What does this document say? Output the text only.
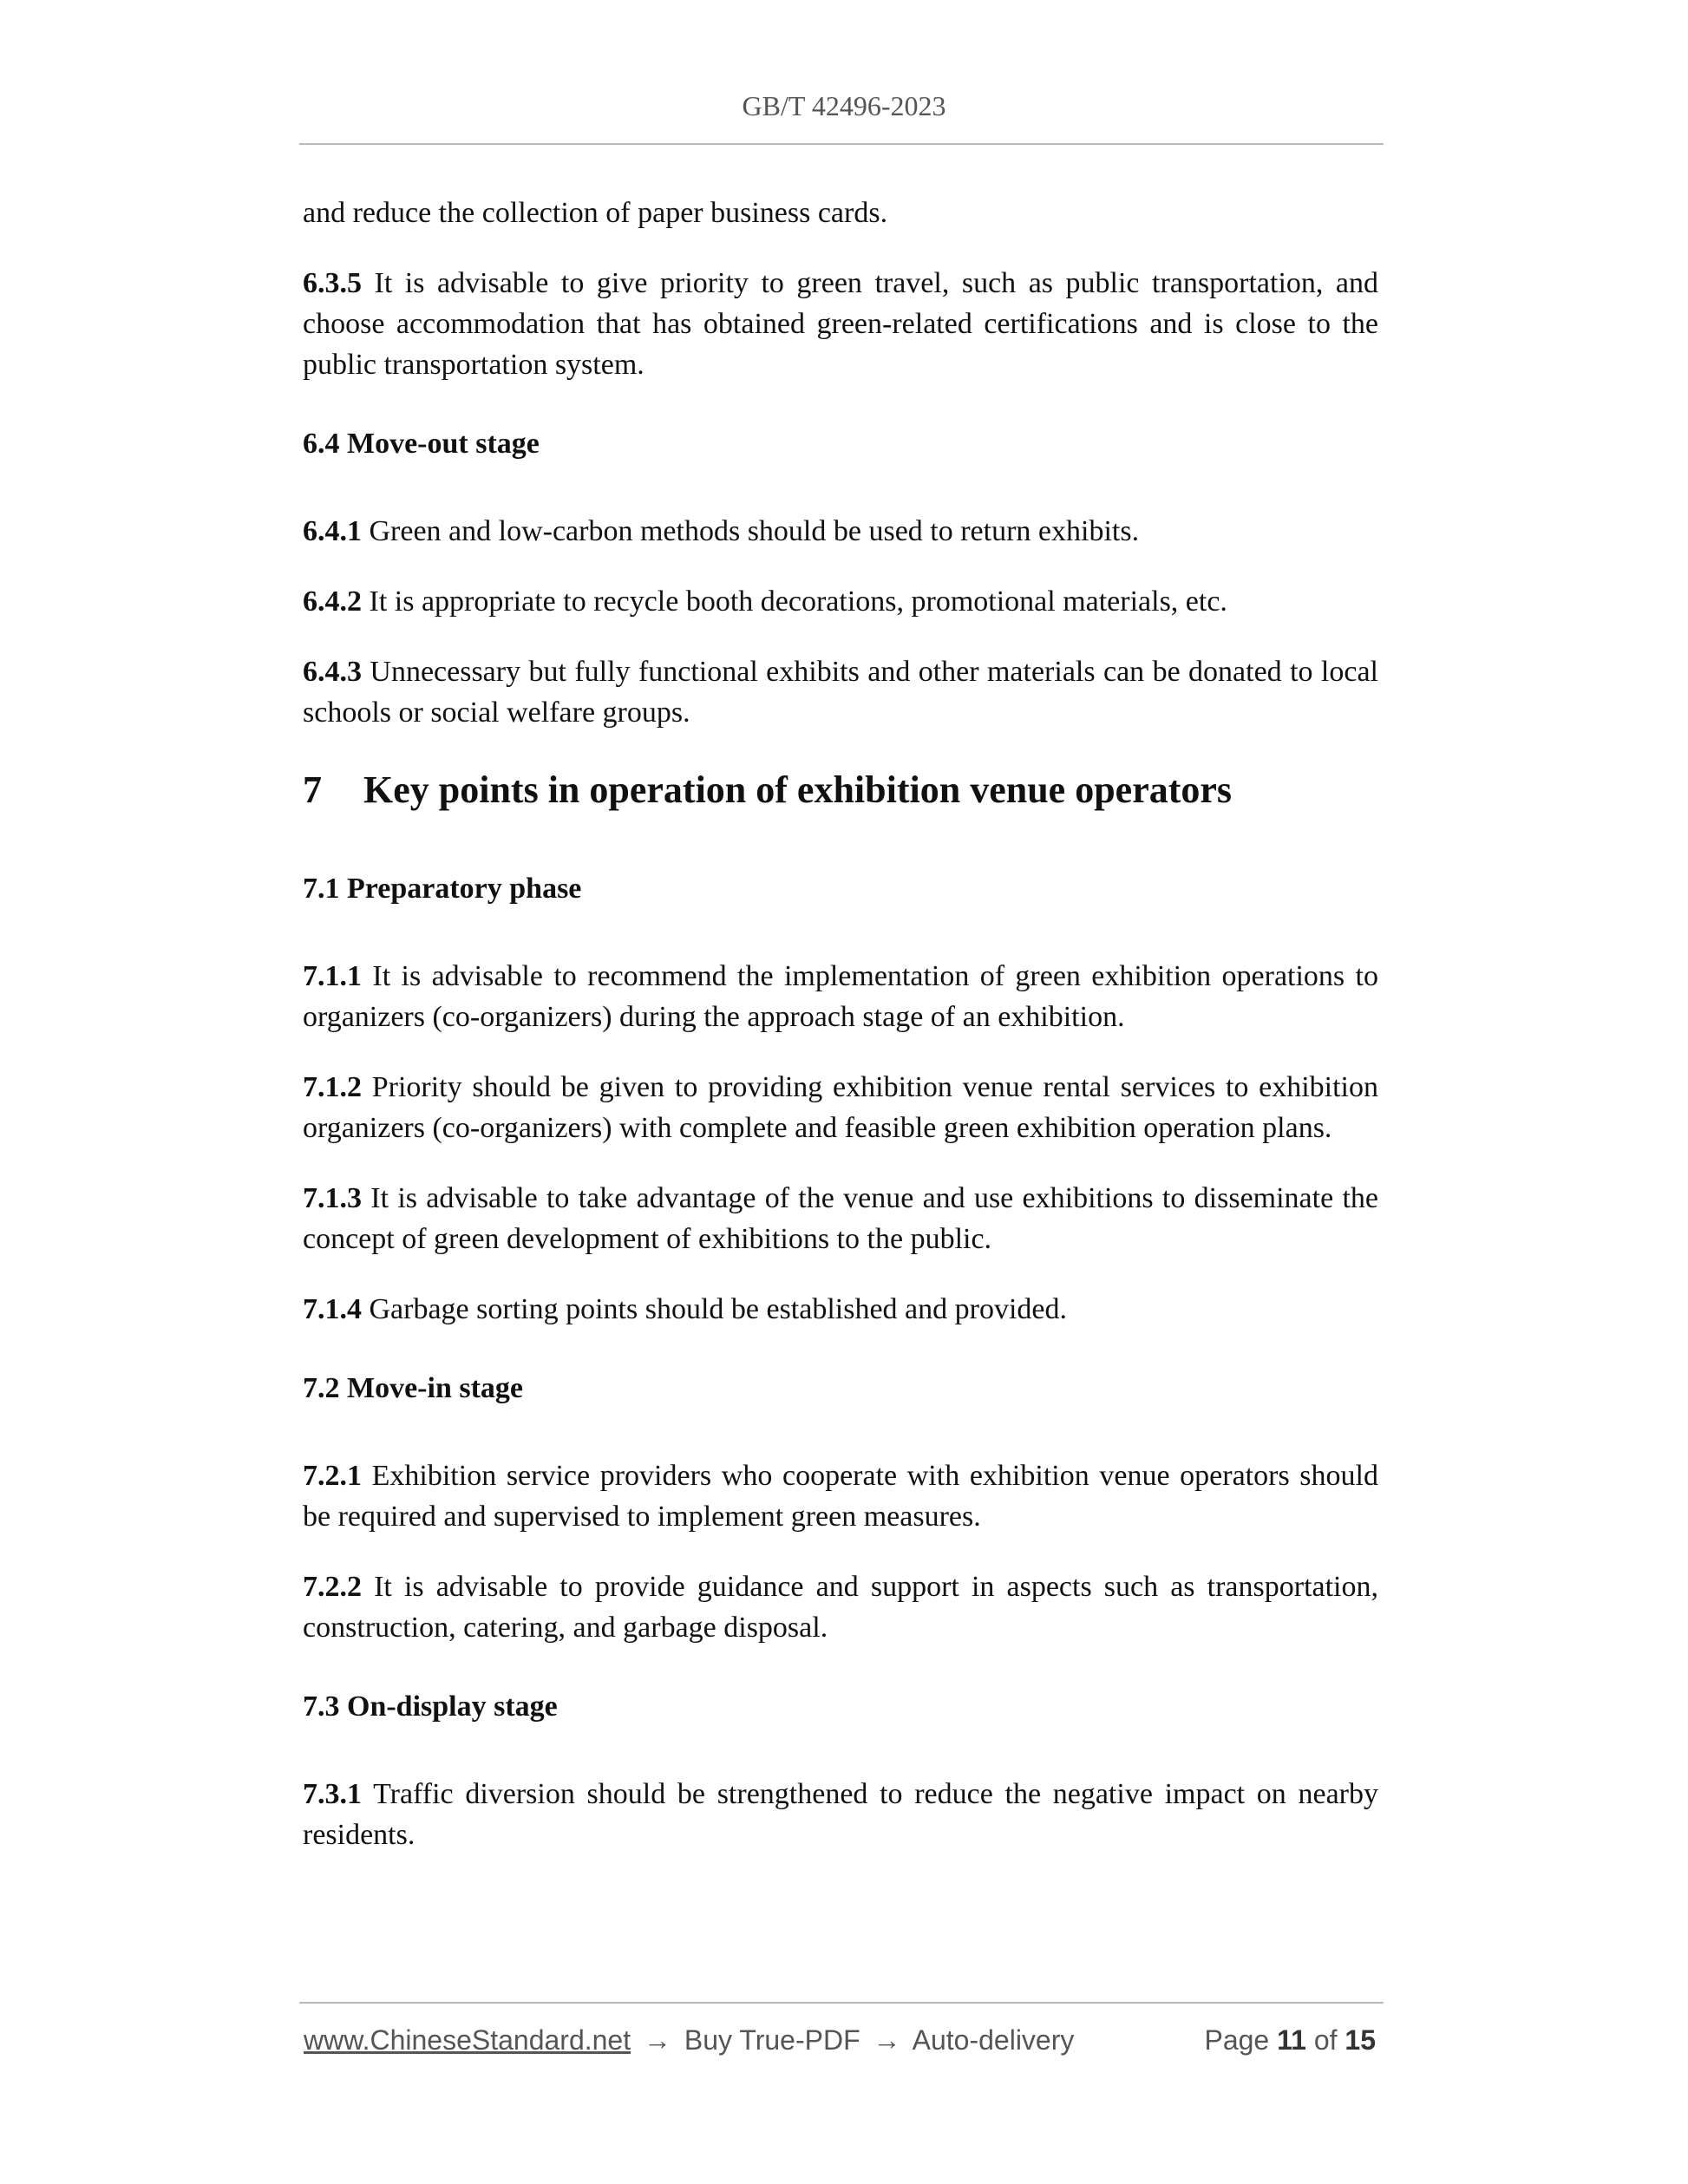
GB/T 42496-2023

and reduce the collection of paper business cards.

6.3.5 It is advisable to give priority to green travel, such as public transportation, and choose accommodation that has obtained green-related certifications and is close to the public transportation system.

6.4 Move-out stage

6.4.1 Green and low-carbon methods should be used to return exhibits.

6.4.2 It is appropriate to recycle booth decorations, promotional materials, etc.

6.4.3 Unnecessary but fully functional exhibits and other materials can be donated to local schools or social welfare groups.

7 Key points in operation of exhibition venue operators
7.1 Preparatory phase

7.1.1 It is advisable to recommend the implementation of green exhibition operations to organizers (co-organizers) during the approach stage of an exhibition.

7.1.2 Priority should be given to providing exhibition venue rental services to exhibition organizers (co-organizers) with complete and feasible green exhibition operation plans.

7.1.3 It is advisable to take advantage of the venue and use exhibitions to disseminate the concept of green development of exhibitions to the public.

7.1.4 Garbage sorting points should be established and provided.

7.2 Move-in stage

7.2.1 Exhibition service providers who cooperate with exhibition venue operators should be required and supervised to implement green measures.

7.2.2 It is advisable to provide guidance and support in aspects such as transportation, construction, catering, and garbage disposal.

7.3 On-display stage

7.3.1 Traffic diversion should be strengthened to reduce the negative impact on nearby residents.

www.ChineseStandard.net → Buy True-PDF → Auto-delivery	Page 11 of 15
